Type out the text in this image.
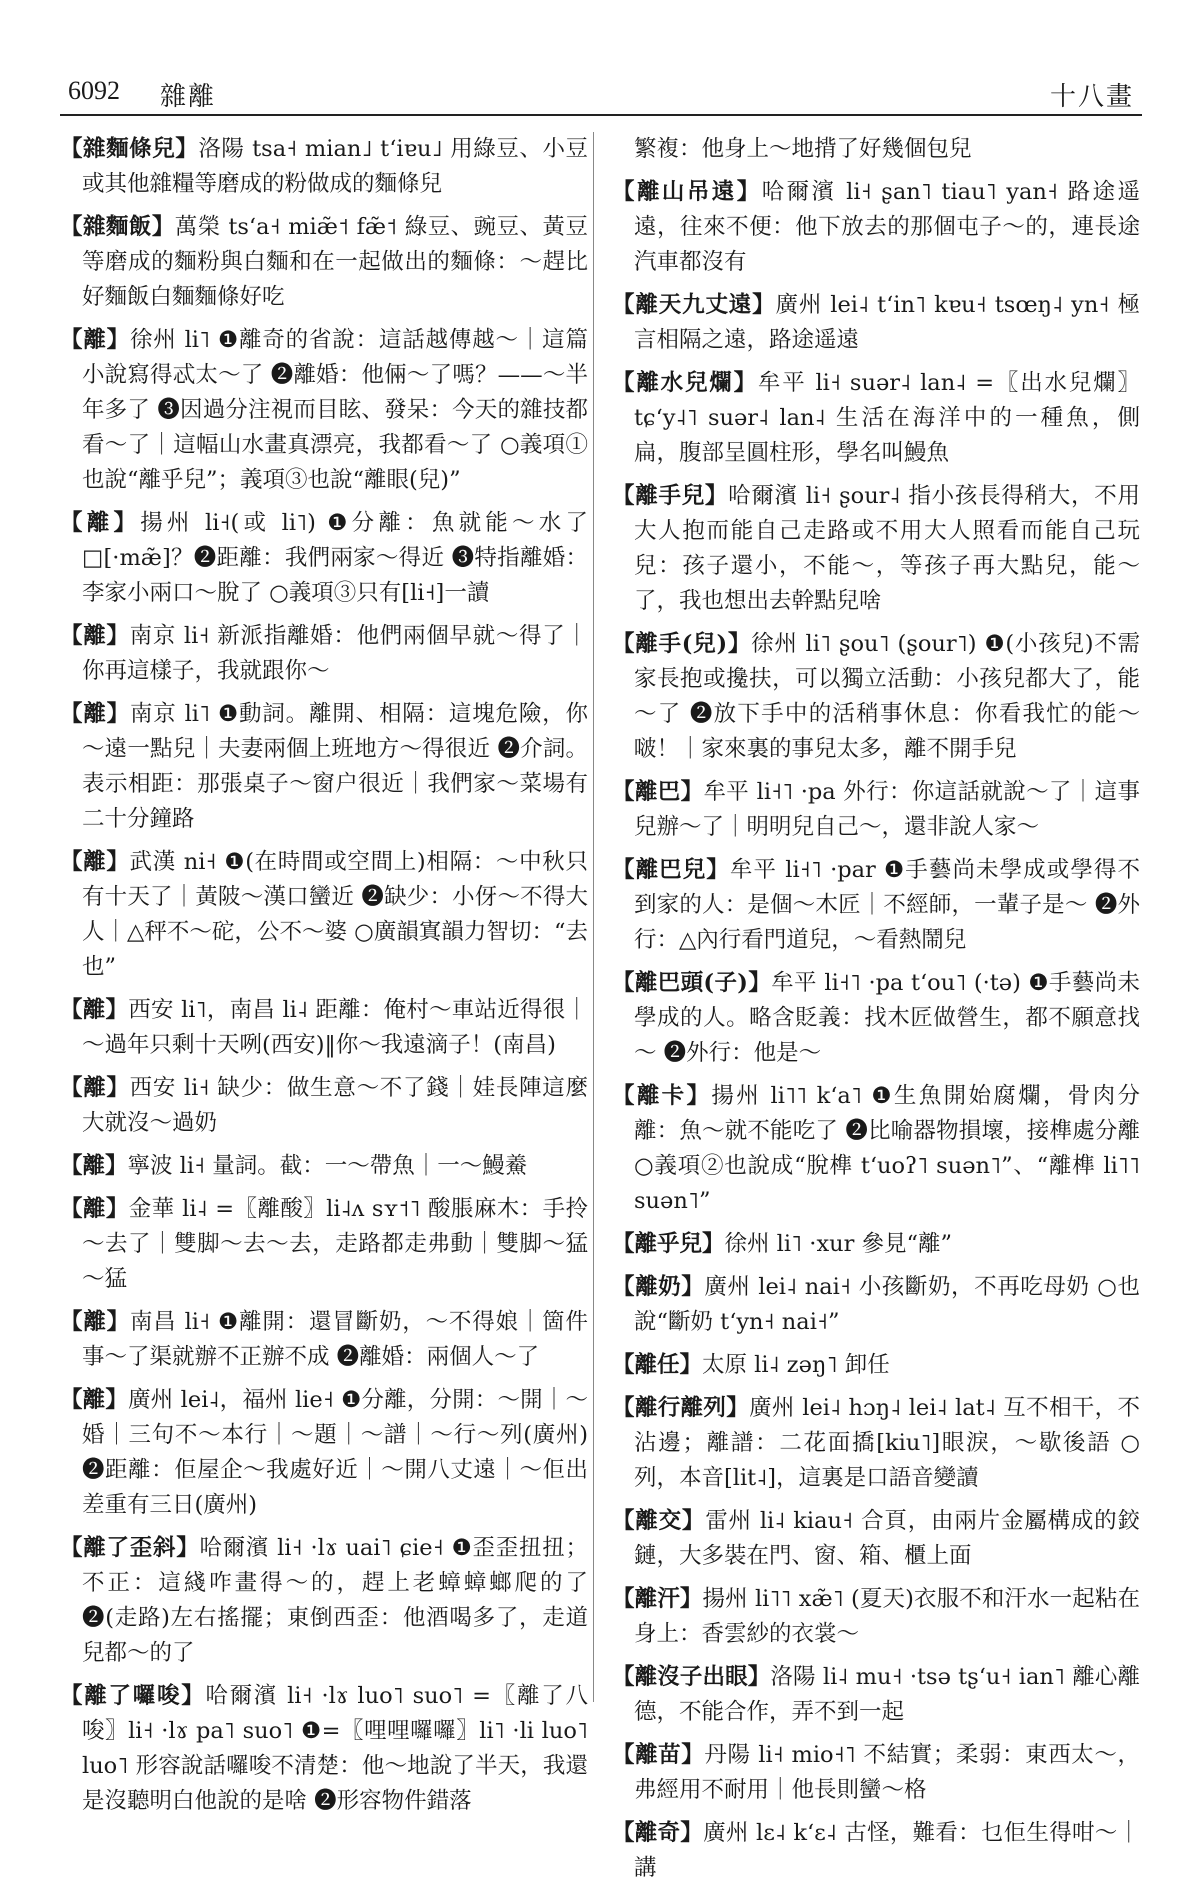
6092 雜離	十八畫

【雜麵條兒】洛陽 tsa˧ mian˩ tʻiɐu˩ 用綠豆、小豆或其他雜糧等磨成的粉做成的麵條兒

【雜麵飯】萬榮 tsʻa˧ miæ̃˦ fæ̃˦ 綠豆、豌豆、黃豆等磨成的麵粉與白麵和在一起做出的麵條：～趕比好麵飯白麵麵條好吃

【離】徐州 li˥ ❶離奇的省說：這話越傳越～｜這篇小說寫得忒太～了 ❷離婚：他倆～了嗎？——～半年多了 ❸因過分注視而目眩、發呆：今天的雜技都看～了｜這幅山水畫真漂亮，我都看～了 ○義項①也說“離乎兒”；義項③也說“離眼(兒)”

【離】揚州 li˧(或 li˥) ❶分離：魚就能～水了□[·mæ̃]？❷距離：我們兩家～得近 ❸特指離婚：李家小兩口～脫了 ○義項③只有[li˧]一讀

【離】南京 li˧ 新派指離婚：他們兩個早就～得了｜你再這樣子，我就跟你～

【離】南京 li˥ ❶動詞。離開、相隔：這塊危險，你～遠一點兒｜夫妻兩個上班地方～得很近 ❷介詞。表示相距：那張桌子～窗户很近｜我們家～菜場有二十分鐘路

【離】武漢 ni˧ ❶(在時間或空間上)相隔：～中秋只有十天了｜黃陂～漢口蠻近 ❷缺少：小伢～不得大人｜△秤不～砣，公不～婆 ○廣韻寘韻力智切：“去也”

【離】西安 li˥，南昌 li˨ 距離：俺村～車站近得很｜～過年只剩十天咧(西安)‖你～我遠滴子！(南昌)

【離】西安 li˧ 缺少：做生意～不了錢｜娃長陣這麼大就沒～過奶

【離】寧波 li˧ 量詞。截：一～帶魚｜一～鰻鯗

【離】金華 li˨ =〖離酸〗li˨ʌ sʏ˦˥ 酸脹麻木：手拎～去了｜雙脚～去～去，走路都走弗動｜雙脚～猛～猛

【離】南昌 li˧ ❶離開：還冒斷奶，～不得娘｜箇件事～了渠就辦不正辦不成 ❷離婚：兩個人～了

【離】廣州 lei˨，福州 lie˧ ❶分離，分開：～開｜～婚｜三句不～本行｜～題｜～譜｜～行～列(廣州) ❷距離：佢屋企～我處好近｜～開八丈遠｜～佢出差重有三日(廣州)

【離了歪斜】哈爾濱 li˧ ·lɤ uai˥ ɕie˧ ❶歪歪扭扭；不正：這綫咋畫得～的，趕上老蟑蟑螂爬的了 ❷(走路)左右搖擺；東倒西歪：他酒喝多了，走道兒都～的了

【離了囉唆】哈爾濱 li˧ ·lɤ luo˥ suo˥ =〖離了八唆〗li˧ ·lɤ pa˥ suo˥ ❶=〖哩哩囉囉〗li˥ ·li luo˥ luo˥ 形容說話囉唆不清楚：他～地說了半天，我還是沒聽明白他說的是啥 ❷形容物件錯落

繁複：他身上～地揹了好幾個包兒

【離山吊遠】哈爾濱 li˧ ʂan˥ tiau˥ yan˧ 路途遥遠，往來不便：他下放去的那個屯子～的，連長途汽車都沒有

【離天九丈遠】廣州 lei˨ tʻin˥ kɐu˧ tsœŋ˨ yn˧ 極言相隔之遠，路途遥遠

【離水兒爛】牟平 li˧ suər˨ lan˨ =〖出水兒爛〗tɕʻy˨˥ suər˨ lan˨ 生活在海洋中的一種魚，側扁，腹部呈圓柱形，學名叫鰻魚

【離手兒】哈爾濱 li˧ ʂour˨ 指小孩長得稍大，不用大人抱而能自己走路或不用大人照看而能自己玩兒：孩子還小，不能～，等孩子再大點兒，能～了，我也想出去幹點兒啥

【離手(兒)】徐州 li˥ ʂou˥ (ʂour˥) ❶(小孩兒)不需家長抱或攙扶，可以獨立活動：小孩兒都大了，能～了 ❷放下手中的活稍事休息：你看我忙的能～啵！｜家來裏的事兒太多，離不開手兒

【離巴】牟平 li˧˥ ·pa 外行：你這話就說～了｜這事兒辦～了｜明明兒自己～，還非說人家～

【離巴兒】牟平 li˧˥ ·par ❶手藝尚未學成或學得不到家的人：是個～木匠｜不經師，一輩子是～ ❷外行：△內行看門道兒，～看熱鬧兒

【離巴頭(子)】牟平 li˧˥ ·pa tʻou˥ (·tə) ❶手藝尚未學成的人。略含貶義：找木匠做營生，都不願意找～ ❷外行：他是～

【離卡】揚州 li˥˥ kʻa˥ ❶生魚開始腐爛，骨肉分離：魚～就不能吃了 ❷比喻器物損壞，接榫處分離 ○義項②也說成“脫榫 tʻuoʔ˥ suən˥”、“離榫 li˥˥ suən˥”

【離乎兒】徐州 li˥ ·xur 參見“離”

【離奶】廣州 lei˨ nai˧ 小孩斷奶，不再吃母奶 ○也說“斷奶 tʻyn˧ nai˧”

【離任】太原 li˨ zəŋ˥ 卸任

【離行離列】廣州 lei˨ hɔŋ˨ lei˨ lat˨ 互不相干，不沾邊；離譜：二花面撟[kiu˥]眼淚，～歇後語 ○列，本音[lit˨]，這裏是口語音變讀

【離交】雷州 li˨ kiau˧ 合頁，由兩片金屬構成的鉸鏈，大多裝在門、窗、箱、櫃上面

【離汗】揚州 li˥˥ xæ̃˥ (夏天)衣服不和汗水一起粘在身上：香雲紗的衣裳～

【離沒子出眼】洛陽 li˨ mu˧ ·tsə tʂʻu˧ ian˥ 離心離德，不能合作，弄不到一起

【離苗】丹陽 li˧ mio˧˥ 不結實；柔弱：東西太～，弗經用不耐用｜他長則蠻～格

【離奇】廣州 lɛ˨ kʻɛ˨ 古怪，難看：乜佢生得咁～｜講
